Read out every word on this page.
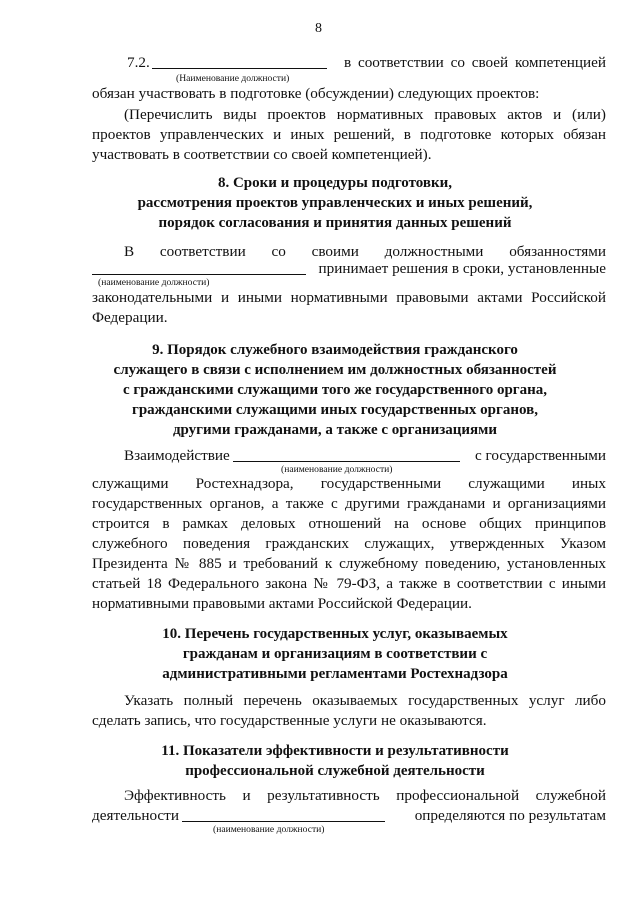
8
7.2.	в соответствии со своей компетенцией
(Наименование должности)
обязан участвовать в подготовке (обсуждении) следующих проектов:
(Перечислить виды проектов нормативных правовых актов и (или)
проектов управленческих и иных решений, в подготовке которых обязан
участвовать в соответствии со своей компетенцией).
8. Сроки и процедуры подготовки,
рассмотрения проектов управленческих и иных решений,
порядок согласования и принятия данных решений
В соответствии со своими должностными обязанностями
принимает решения в сроки, установленные
(наименование должности)
законодательными и иными нормативными правовыми актами Российской
Федерации.
9. Порядок служебного взаимодействия гражданского
служащего в связи с исполнением им должностных обязанностей
с гражданскими служащими того же государственного органа,
гражданскими служащими иных государственных органов,
другими гражданами, а также с организациями
Взаимодействие	с государственными
(наименование должности)
служащими Ростехнадзора, государственными служащими иных
государственных органов, а также с другими гражданами и организациями
строится в рамках деловых отношений на основе общих принципов
служебного поведения гражданских служащих, утвержденных Указом
Президента № 885 и требований к служебному поведению, установленных
статьей 18 Федерального закона № 79-ФЗ, а также в соответствии с иными
нормативными правовыми актами Российской Федерации.
10. Перечень государственных услуг, оказываемых
гражданам и организациям в соответствии с
административными регламентами Ростехнадзора
Указать полный перечень оказываемых государственных услуг либо
сделать запись, что государственные услуги не оказываются.
11. Показатели эффективности и результативности
профессиональной служебной деятельности
Эффективность и результативность профессиональной служебной
деятельности	определяются по результатам
(наименование должности)
